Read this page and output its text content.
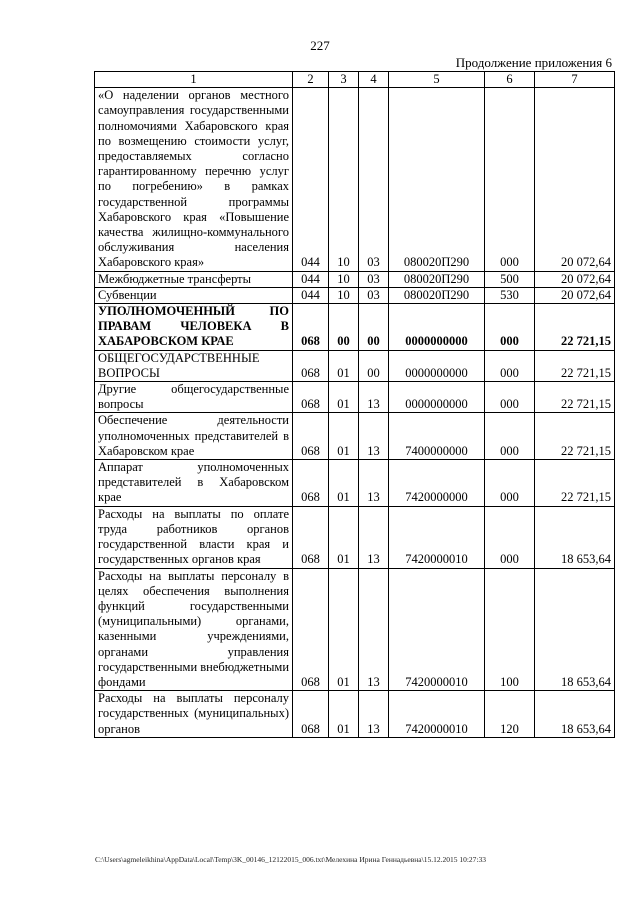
227
Продолжение приложения 6
1	2	3	4	5	6	7
«О наделении органов местного самоуправления государственными полномочиями Хабаровского края по возмещению стоимости услуг, предоставляемых согласно гарантированному перечню услуг по погребению» в рамках государственной программы Хабаровского края «Повышение качества жилищно-коммунального обслуживания населения Хабаровского края»	044	10	03	080020П290	000	20 072,64
Межбюджетные трансферты	044	10	03	080020П290	500	20 072,64
Субвенции	044	10	03	080020П290	530	20 072,64
УПОЛНОМОЧЕННЫЙ ПО ПРАВАМ ЧЕЛОВЕКА В ХАБАРОВСКОМ КРАЕ	068	00	00	0000000000	000	22 721,15
ОБЩЕГОСУДАРСТВЕННЫЕ ВОПРОСЫ	068	01	00	0000000000	000	22 721,15
Другие общегосударственные вопросы	068	01	13	0000000000	000	22 721,15
Обеспечение деятельности уполномоченных представителей в Хабаровском крае	068	01	13	7400000000	000	22 721,15
Аппарат уполномоченных представителей в Хабаровском крае	068	01	13	7420000000	000	22 721,15
Расходы на выплаты по оплате труда работников органов государственной власти края и государственных органов края	068	01	13	7420000010	000	18 653,64
Расходы на выплаты персоналу в целях обеспечения выполнения функций государственными (муниципальными) органами, казенными учреждениями, органами управления государственными внебюджетными фондами	068	01	13	7420000010	100	18 653,64
Расходы на выплаты персоналу государственных (муниципальных) органов	068	01	13	7420000010	120	18 653,64
C:\Users\agmeleikhina\AppData\Local\Temp\3K_00146_12122015_006.txt\Мелехина Ирина Геннадьевна\15.12.2015 10:27:33
